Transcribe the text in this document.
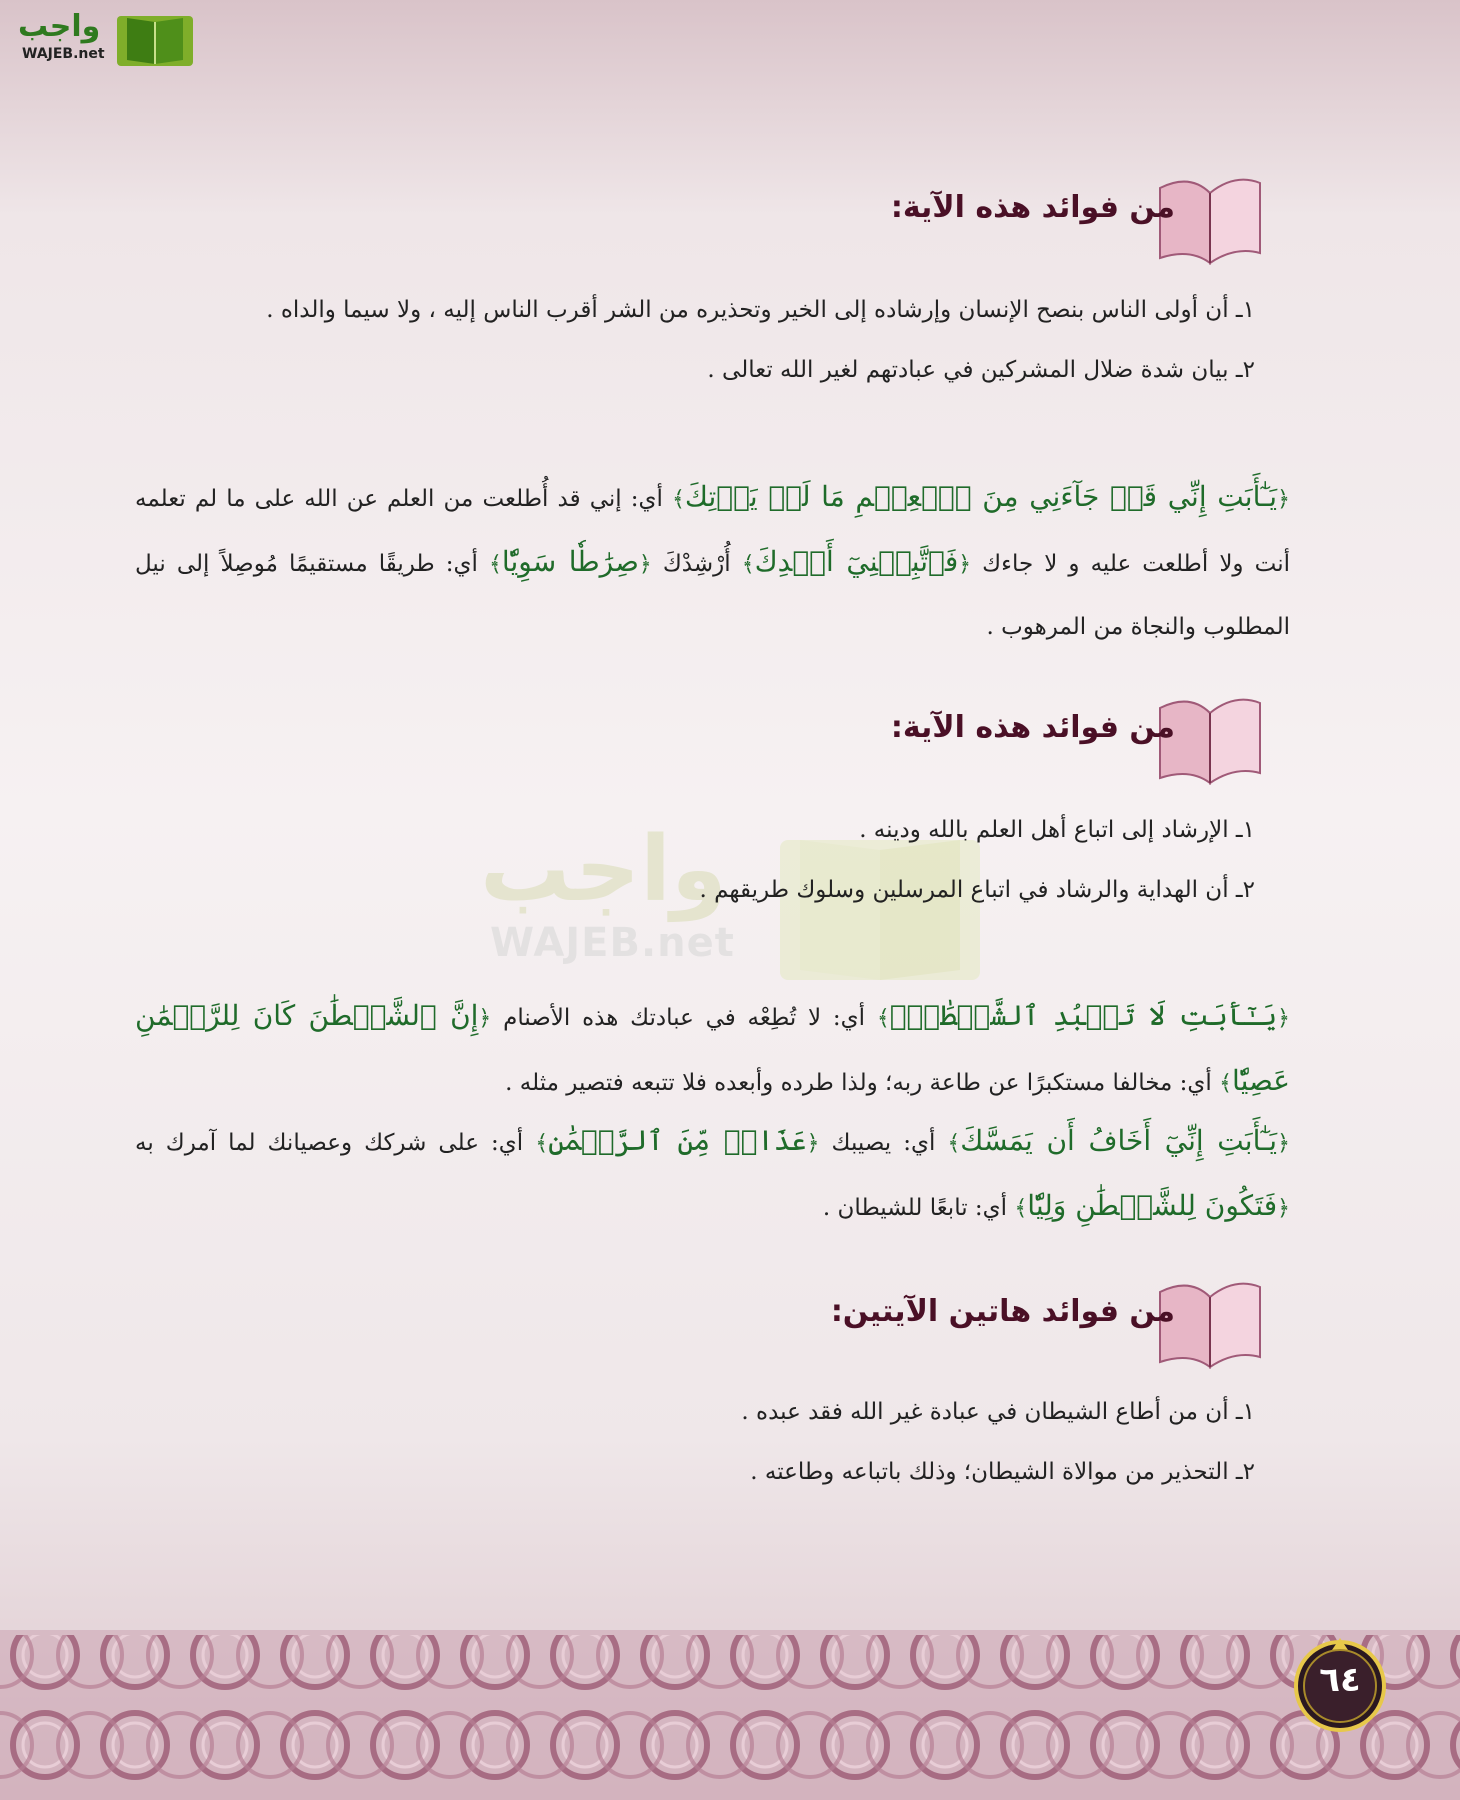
واجب
WAJEB.net
واجب
WAJEB.net
من فوائد هذه الآية:
١ـ أن أولى الناس بنصح الإنسان وإرشاده إلى الخير وتحذيره من الشر أقرب الناس إليه ، ولا سيما والداه .
٢ـ بيان شدة ضلال المشركين في عبادتهم لغير الله تعالى .
﴿يَـٰٓأَبَتِ إِنِّي قَدۡ جَآءَنِي مِنَ ٱلۡعِلۡمِ مَا لَمۡ يَأۡتِكَ﴾ أي: إني قد أُطلعت من العلم عن الله على ما لم تعلمه أنت ولا أطلعت عليه و لا جاءك ﴿فَٱتَّبِعۡنِيٓ أَهۡدِكَ﴾ أُرْشِدْكَ ﴿صِرَٰطٗا سَوِيّٗا﴾ أي: طريقًا مستقيمًا مُوصِلاً إلى نيل المطلوب والنجاة من المرهوب .
من فوائد هذه الآية:
١ـ الإرشاد إلى اتباع أهل العلم بالله ودينه .
٢ـ أن الهداية والرشاد في اتباع المرسلين وسلوك طريقهم .
﴿يَـٰٓأَبَتِ لَا تَعۡبُدِ ٱلشَّيۡطَٰنَۖ﴾ أي: لا تُطِعْه في عبادتك هذه الأصنام ﴿إِنَّ ٱلشَّيۡطَٰنَ كَانَ لِلرَّحۡمَٰنِ عَصِيّٗا﴾ أي: مخالفا مستكبرًا عن طاعة ربه؛ ولذا طرده وأبعده فلا تتبعه فتصير مثله .
﴿يَـٰٓأَبَتِ إِنِّيٓ أَخَافُ أَن يَمَسَّكَ﴾ أي: يصيبك ﴿عَذَابٞ مِّنَ ٱلرَّحۡمَٰنِ﴾ أي: على شركك وعصيانك لما آمرك به ﴿فَتَكُونَ لِلشَّيۡطَٰنِ وَلِيّٗا﴾ أي: تابعًا للشيطان .
من فوائد هاتين الآيتين:
١ـ أن من أطاع الشيطان في عبادة غير الله فقد عبده .
٢ـ التحذير من موالاة الشيطان؛ وذلك باتباعه وطاعته .
٦٤
